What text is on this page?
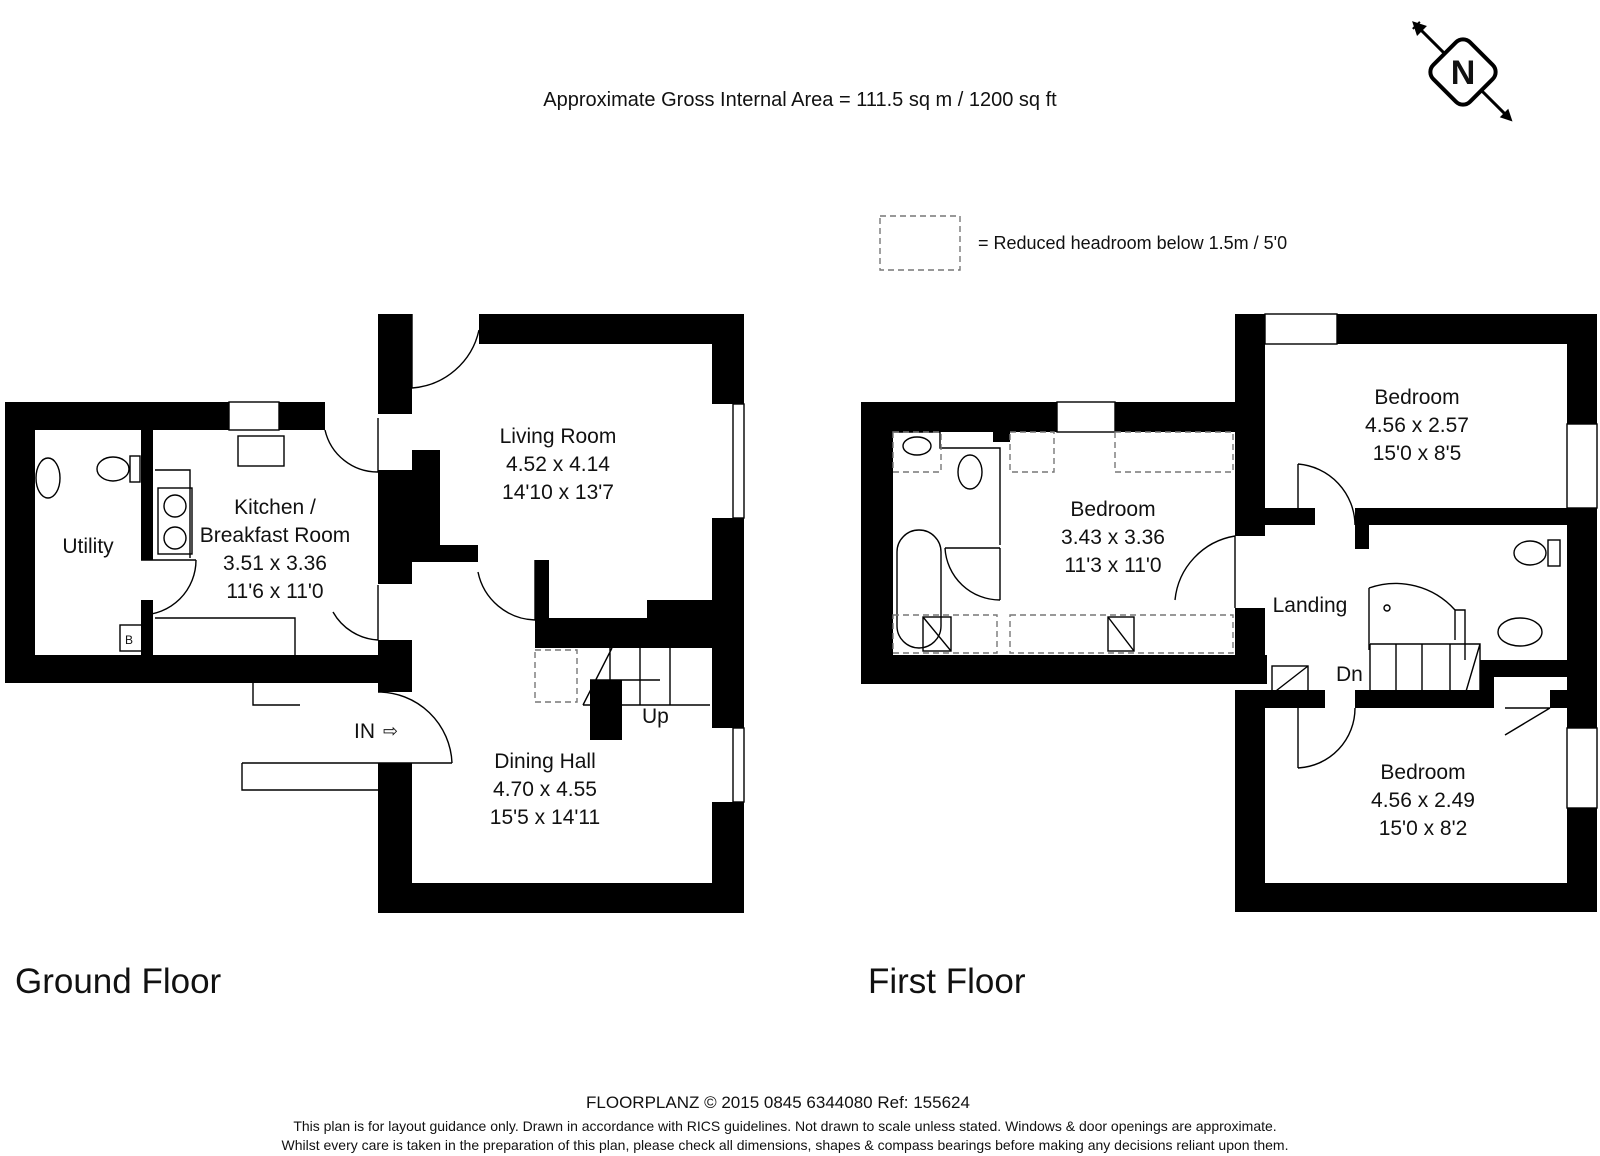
Approximate Gross Internal Area = 111.5 sq m / 1200 sq ft
N
= Reduced headroom below 1.5m / 5'0
B
Utility
Kitchen /
Breakfast Room
3.51 x 3.36
11'6 x 11'0
Living Room
4.52 x 4.14
14'10 x 13'7
Dining Hall
4.70 x 4.55
15'5 x 14'11
IN ⇨
Up
Ground Floor
Bedroom
3.43 x 3.36
11'3 x 11'0
Bedroom
4.56 x 2.57
15'0 x 8'5
Bedroom
4.56 x 2.49
15'0 x 8'2
Landing
Dn
First Floor
FLOORPLANZ © 2015 0845 6344080 Ref: 155624
This plan is for layout guidance only. Drawn in accordance with RICS guidelines. Not drawn to scale unless stated. Windows & door openings are approximate.
Whilst every care is taken in the preparation of this plan, please check all dimensions, shapes & compass bearings before making any decisions reliant upon them.
